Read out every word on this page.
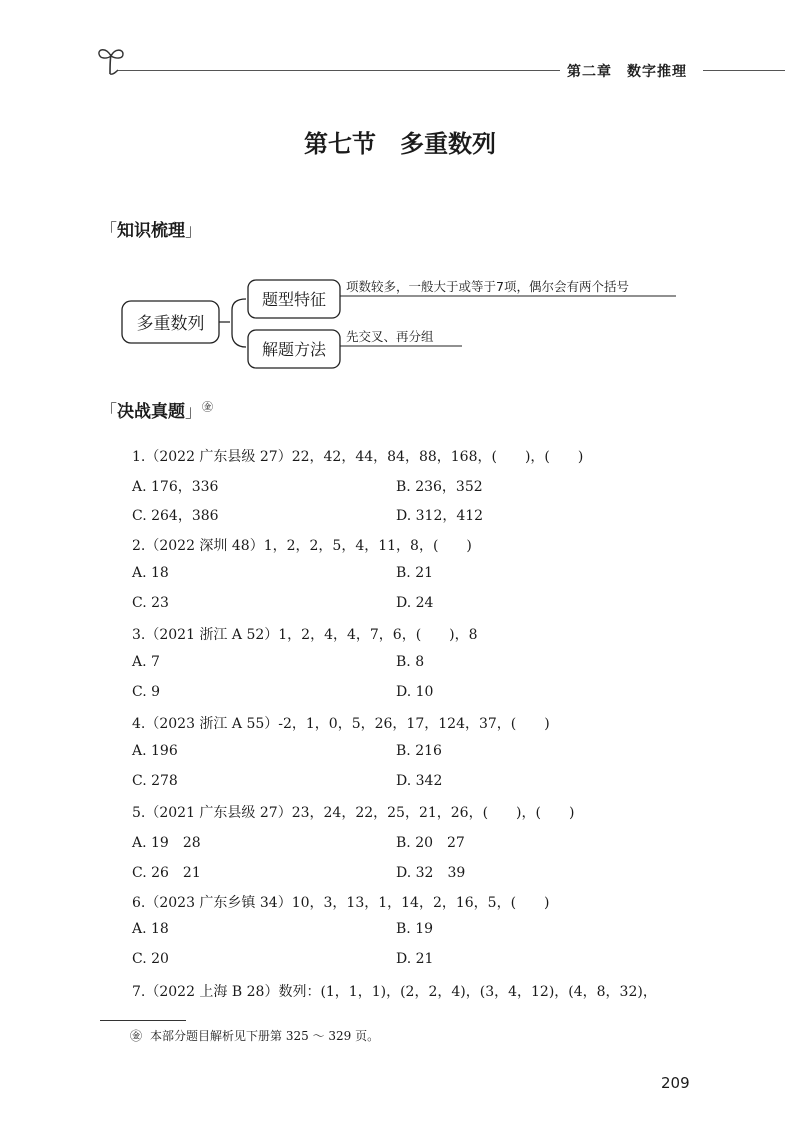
第二章　数字推理
第七节　多重数列
「知识梳理」
多重数列
题型特征
项数较多，一般大于或等于7项，偶尔会有两个括号
解题方法
先交叉、再分组
「决战真题」㊎
1.（2022 广东县级 27）22，42，44，84，88，168，(　　)，(　　)
A. 176，336	B. 236，352
C. 264，386	D. 312，412
2.（2022 深圳 48）1，2，2，5，4，11，8，(　　)
A. 18	B. 21
C. 23	D. 24
3.（2021 浙江 A 52）1，2，4，4，7，6，(　　)，8
A. 7	B. 8
C. 9	D. 10
4.（2023 浙江 A 55）-2，1，0，5，26，17，124，37，(　　)
A. 196	B. 216
C. 278	D. 342
5.（2021 广东县级 27）23，24，22，25，21，26，(　　)，(　　)
A. 19　28	B. 20　27
C. 26　21	D. 32　39
6.（2023 广东乡镇 34）10，3，13，1，14，2，16，5，(　　)
A. 18	B. 19
C. 20	D. 21
7.（2022 上海 B 28）数列：(1，1，1)，(2，2，4)，(3，4，12)，(4，8，32)，
㊎ 本部分题目解析见下册第 325 ～ 329 页。
209
